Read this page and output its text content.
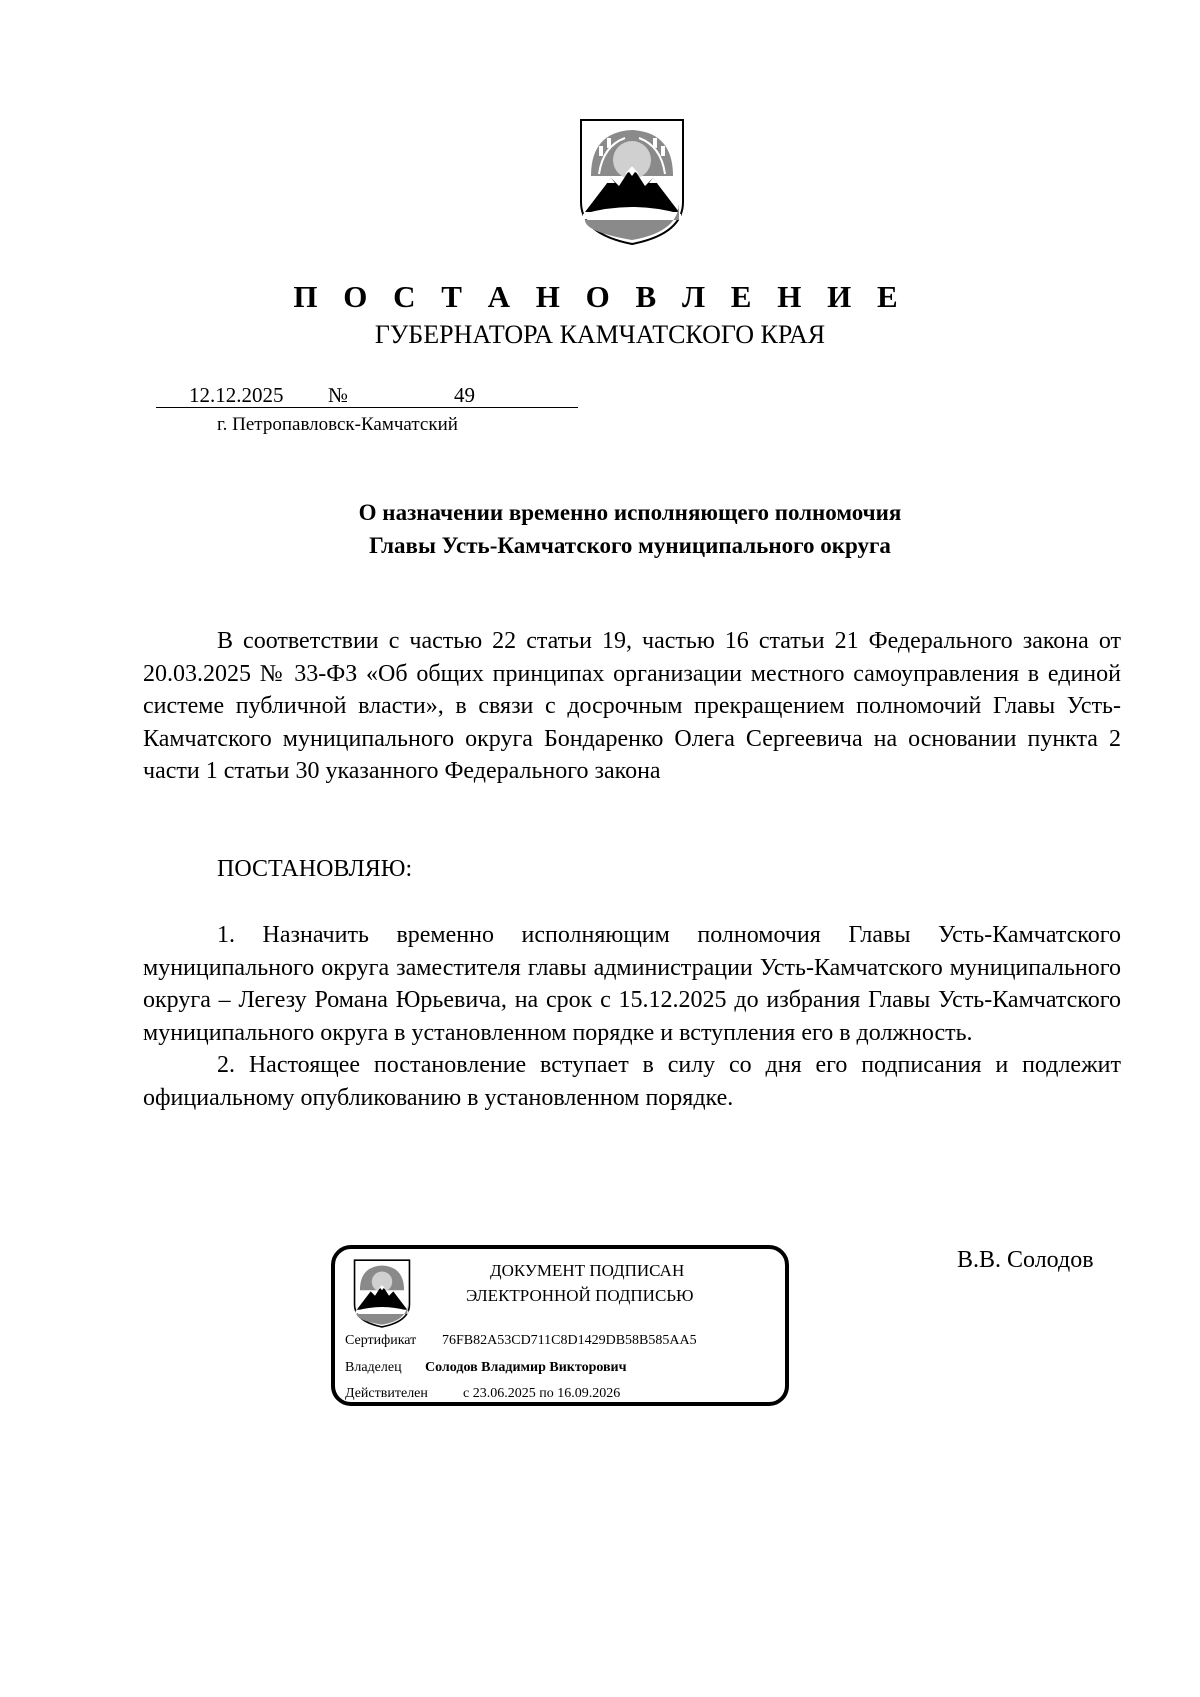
П О С Т А Н О В Л Е Н И Е
ГУБЕРНАТОРА КАМЧАТСКОГО КРАЯ
12.12.2025 №	49
г. Петропавловск-Камчатский
О назначении временно исполняющего полномочия
Главы Усть-Камчатского муниципального округа

В соответствии с частью 22 статьи 19, частью 16 статьи 21 Федерального закона от 20.03.2025 № 33-ФЗ «Об общих принципах организации местного самоуправления в единой системе публичной власти», в связи с досрочным прекращением полномочий Главы Усть-Камчатского муниципального округа Бондаренко Олега Сергеевича на основании пункта 2 части 1 статьи 30 указанного Федерального закона

ПОСТАНОВЛЯЮ:

1. Назначить временно исполняющим полномочия Главы Усть-Камчатского муниципального округа заместителя главы администрации Усть-Камчатского муниципального округа – Легезу Романа Юрьевича, на срок с 15.12.2025 до избрания Главы Усть-Камчатского муниципального округа в установленном порядке и вступления его в должность.

2. Настоящее постановление вступает в силу со дня его подписания и подлежит официальному опубликованию в установленном порядке.

ДОКУМЕНТ ПОДПИСАН
ЭЛЕКТРОННОЙ ПОДПИСЬЮ
Сертификат 76FB82A53CD711C8D1429DB58B585AA5
Владелец Солодов Владимир Викторович
Действителен	с 23.06.2025 по 16.09.2026
В.В. Солодов
